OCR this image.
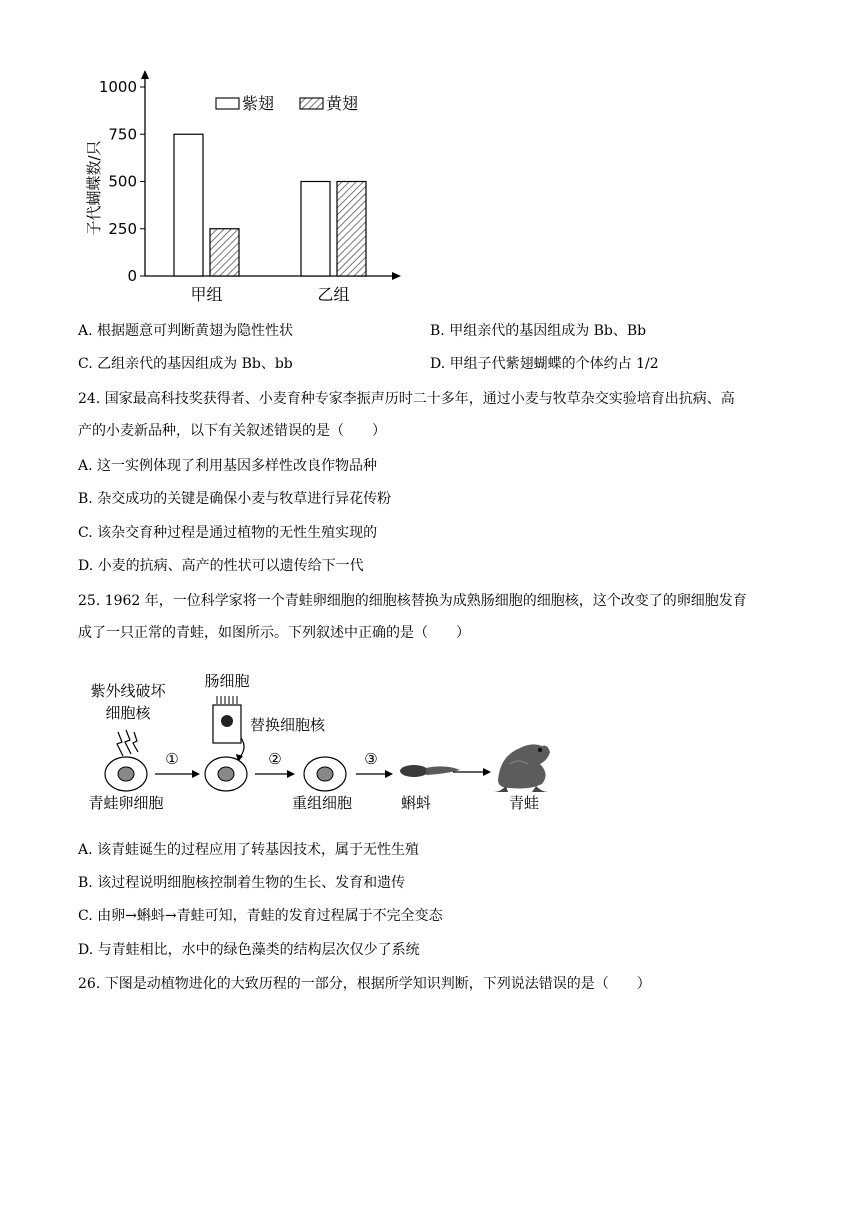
0
250
500
750
1000
甲组	乙组
紫翅	黄翅
子代蝴蝶数/只
A. 根据题意可判断黄翅为隐性性状	B. 甲组亲代的基因组成为 Bb、Bb
C. 乙组亲代的基因组成为 Bb、bb	D. 甲组子代紫翅蝴蝶的个体约占 1/2
24. 国家最高科技奖获得者、小麦育种专家李振声历时二十多年，通过小麦与牧草杂交实验培育出抗病、高
产的小麦新品种，以下有关叙述错误的是（　　）
A. 这一实例体现了利用基因多样性改良作物品种
B. 杂交成功的关键是确保小麦与牧草进行异花传粉
C. 该杂交育种过程是通过植物的无性生殖实现的
D. 小麦的抗病、高产的性状可以遗传给下一代
25. 1962 年，一位科学家将一个青蛙卵细胞的细胞核替换为成熟肠细胞的细胞核，这个改变了的卵细胞发育
成了一只正常的青蛙，如图所示。下列叙述中正确的是（　　）
紫外线破坏
细胞核
青蛙卵细胞
①
肠细胞
替换细胞核
②
重组细胞
③
蝌蚪	青蛙
A. 该青蛙诞生的过程应用了转基因技术，属于无性生殖
B. 该过程说明细胞核控制着生物的生长、发育和遗传
C. 由卵→蝌蚪→青蛙可知，青蛙的发育过程属于不完全变态
D. 与青蛙相比，水中的绿色藻类的结构层次仅少了系统
26. 下图是动植物进化的大致历程的一部分，根据所学知识判断，下列说法错误的是（　　）
